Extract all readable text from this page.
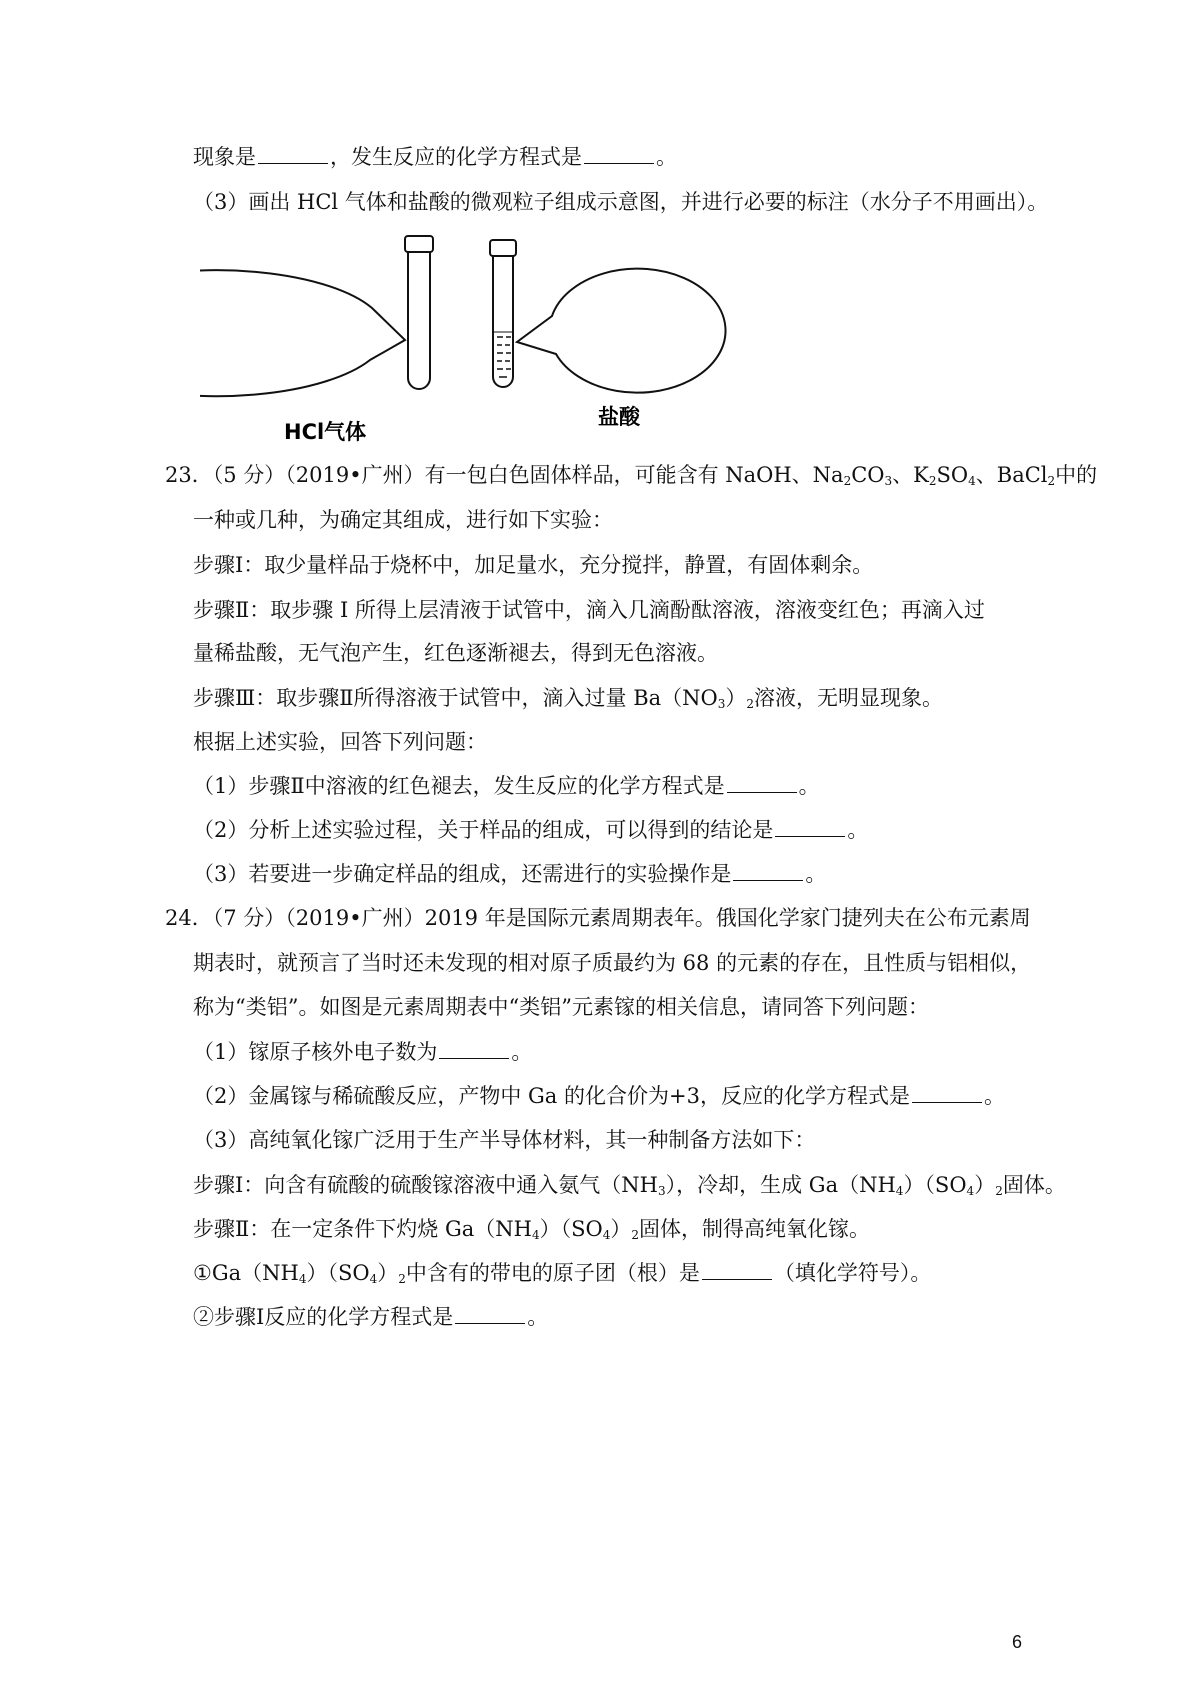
现象是	，发生反应的化学方程式是	。
（3）画出 HCl 气体和盐酸的微观粒子组成示意图，并进行必要的标注（水分子不用画出）。
HCl气体
盐酸
23．（5 分）（2019•广州）有一包白色固体样品，可能含有 NaOH、$Na_2CO_3$、$K_2SO_4$、BaCl$_2$中的
一种或几种，为确定其组成，进行如下实验：
步骤Ⅰ：取少量样品于烧杯中，加足量水，充分搅拌，静置，有固体剩余。
步骤Ⅱ：取步骤 I 所得上层清液于试管中，滴入几滴酚酞溶液，溶液变红色；再滴入过
量稀盐酸，无气泡产生，红色逐渐褪去，得到无色溶液。
步骤Ⅲ：取步骤Ⅱ所得溶液于试管中，滴入过量 $Ba(NO_3)_2$溶液，无明显现象。
根据上述实验，回答下列问题：
（1）步骤Ⅱ中溶液的红色褪去，发生反应的化学方程式是	。
（2）分析上述实验过程，关于样品的组成，可以得到的结论是	。
（3）若要进一步确定样品的组成，还需进行的实验操作是	。
24．（7 分）（2019•广州）2019 年是国际元素周期表年。俄国化学家门捷列夫在公布元素周
期表时，就预言了当时还未发现的相对原子质最约为 68 的元素的存在，且性质与铝相似，
称为“类铝”。如图是元素周期表中“类铝”元素镓的相关信息，请同答下列问题：
（1）镓原子核外电子数为	。
（2）金属镓与稀硫酸反应，产物中 Ga 的化合价为+3，反应的化学方程式是	。
（3）高纯氧化镓广泛用于生产半导体材料，其一种制备方法如下：
步骤Ⅰ：向含有硫酸的硫酸镓溶液中通入氨气$(NH_3)$，冷却，生成 $Ga(NH_4)(SO_4)_2$固体。
步骤Ⅱ：在一定条件下灼烧 $Ga(NH_4)(SO_4)_2$固体，制得高纯氧化镓。
$①Ga(NH_4)(SO_4)_2$中含有的带电的原子团（根）是	（填化学符号）。
②步骤Ⅰ反应的化学方程式是	。
6
